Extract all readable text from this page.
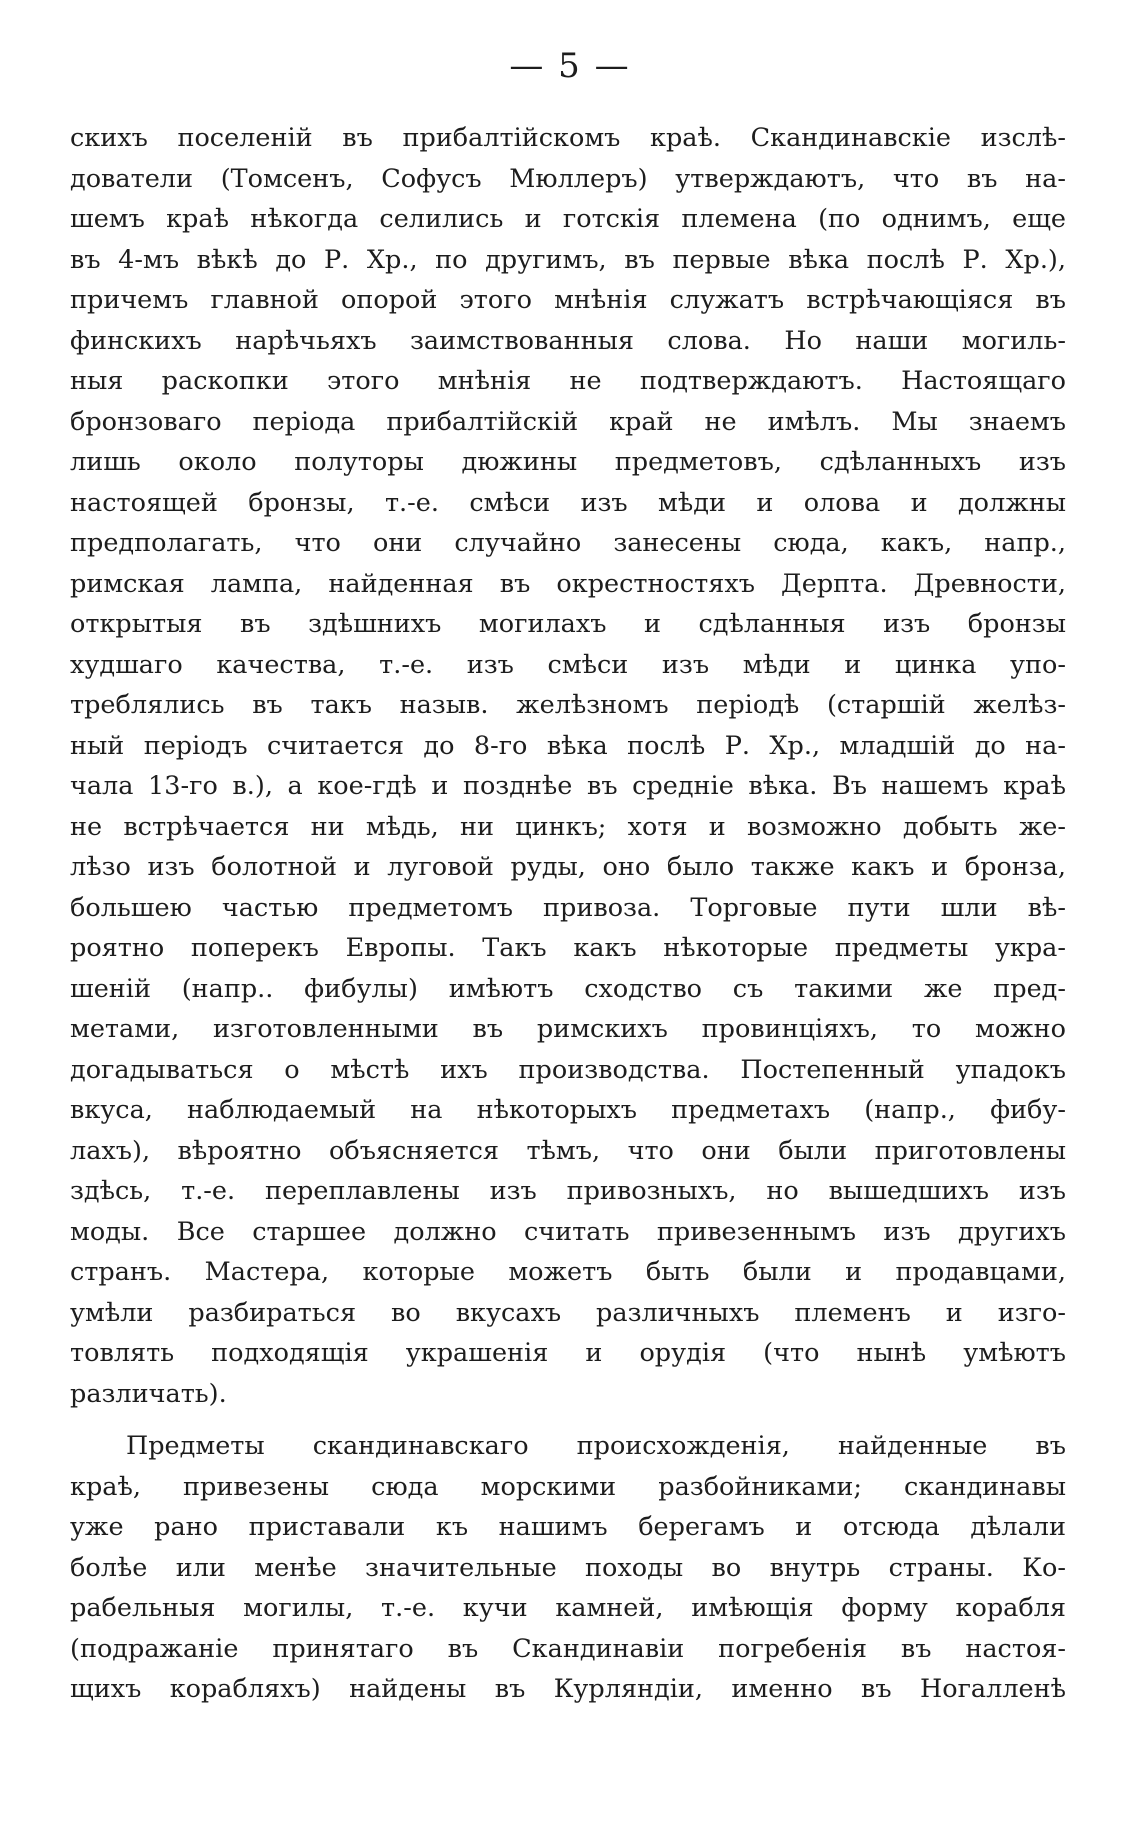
— 5 —
скихъ поселеній въ прибалтійскомъ краѣ. Скандинавскіе изслѣ-
дователи (Томсенъ, Софусъ Мюллеръ) утверждаютъ, что въ на-
шемъ краѣ нѣкогда селились и готскія племена (по однимъ, еще
въ 4-мъ вѣкѣ до Р. Хр., по другимъ, въ первые вѣка послѣ Р. Хр.),
причемъ главной опорой этого мнѣнія служатъ встрѣчающіяся въ
финскихъ нарѣчьяхъ заимствованныя слова. Но наши могиль-
ныя раскопки этого мнѣнія не подтверждаютъ. Настоящаго
бронзоваго періода прибалтійскій край не имѣлъ. Мы знаемъ
лишь около полуторы дюжины предметовъ, сдѣланныхъ изъ
настоящей бронзы, т.-е. смѣси изъ мѣди и олова и должны
предполагать, что они случайно занесены сюда, какъ, напр.,
римская лампа, найденная въ окрестностяхъ Дерпта. Древности,
открытыя въ здѣшнихъ могилахъ и сдѣланныя изъ бронзы
худшаго качества, т.-е. изъ смѣси изъ мѣди и цинка упо-
треблялись въ такъ назыв. желѣзномъ періодѣ (старшій желѣз-
ный періодъ считается до 8-го вѣка послѣ Р. Хр., младшій до на-
чала 13-го в.), а кое-гдѣ и позднѣе въ средніе вѣка. Въ нашемъ краѣ
не встрѣчается ни мѣдь, ни цинкъ; хотя и возможно добыть же-
лѣзо изъ болотной и луговой руды, оно было также какъ и бронза,
большею частью предметомъ привоза. Торговые пути шли вѣ-
роятно поперекъ Европы. Такъ какъ нѣкоторые предметы укра-
шеній (напр.. фибулы) имѣютъ сходство съ такими же пред-
метами, изготовленными въ римскихъ провинціяхъ, то можно
догадываться о мѣстѣ ихъ производства. Постепенный упадокъ
вкуса, наблюдаемый на нѣкоторыхъ предметахъ (напр., фибу-
лахъ), вѣроятно объясняется тѣмъ, что они были приготовлены
здѣсь, т.-е. переплавлены изъ привозныхъ, но вышедшихъ изъ
моды. Все старшее должно считать привезеннымъ изъ другихъ
странъ. Мастера, которые можетъ быть были и продавцами,
умѣли разбираться во вкусахъ различныхъ племенъ и изго-
товлять подходящія украшенія и орудія (что нынѣ умѣютъ
различать).
Предметы скандинавскаго происхожденія, найденные въ
краѣ, привезены сюда морскими разбойниками; скандинавы
уже рано приставали къ нашимъ берегамъ и отсюда дѣлали
болѣе или менѣе значительные походы во внутрь страны. Ко-
рабельныя могилы, т.-е. кучи камней, имѣющія форму корабля
(подражаніе принятаго въ Скандинавіи погребенія въ настоя-
щихъ корабляхъ) найдены въ Курляндіи, именно въ Ногалленѣ
